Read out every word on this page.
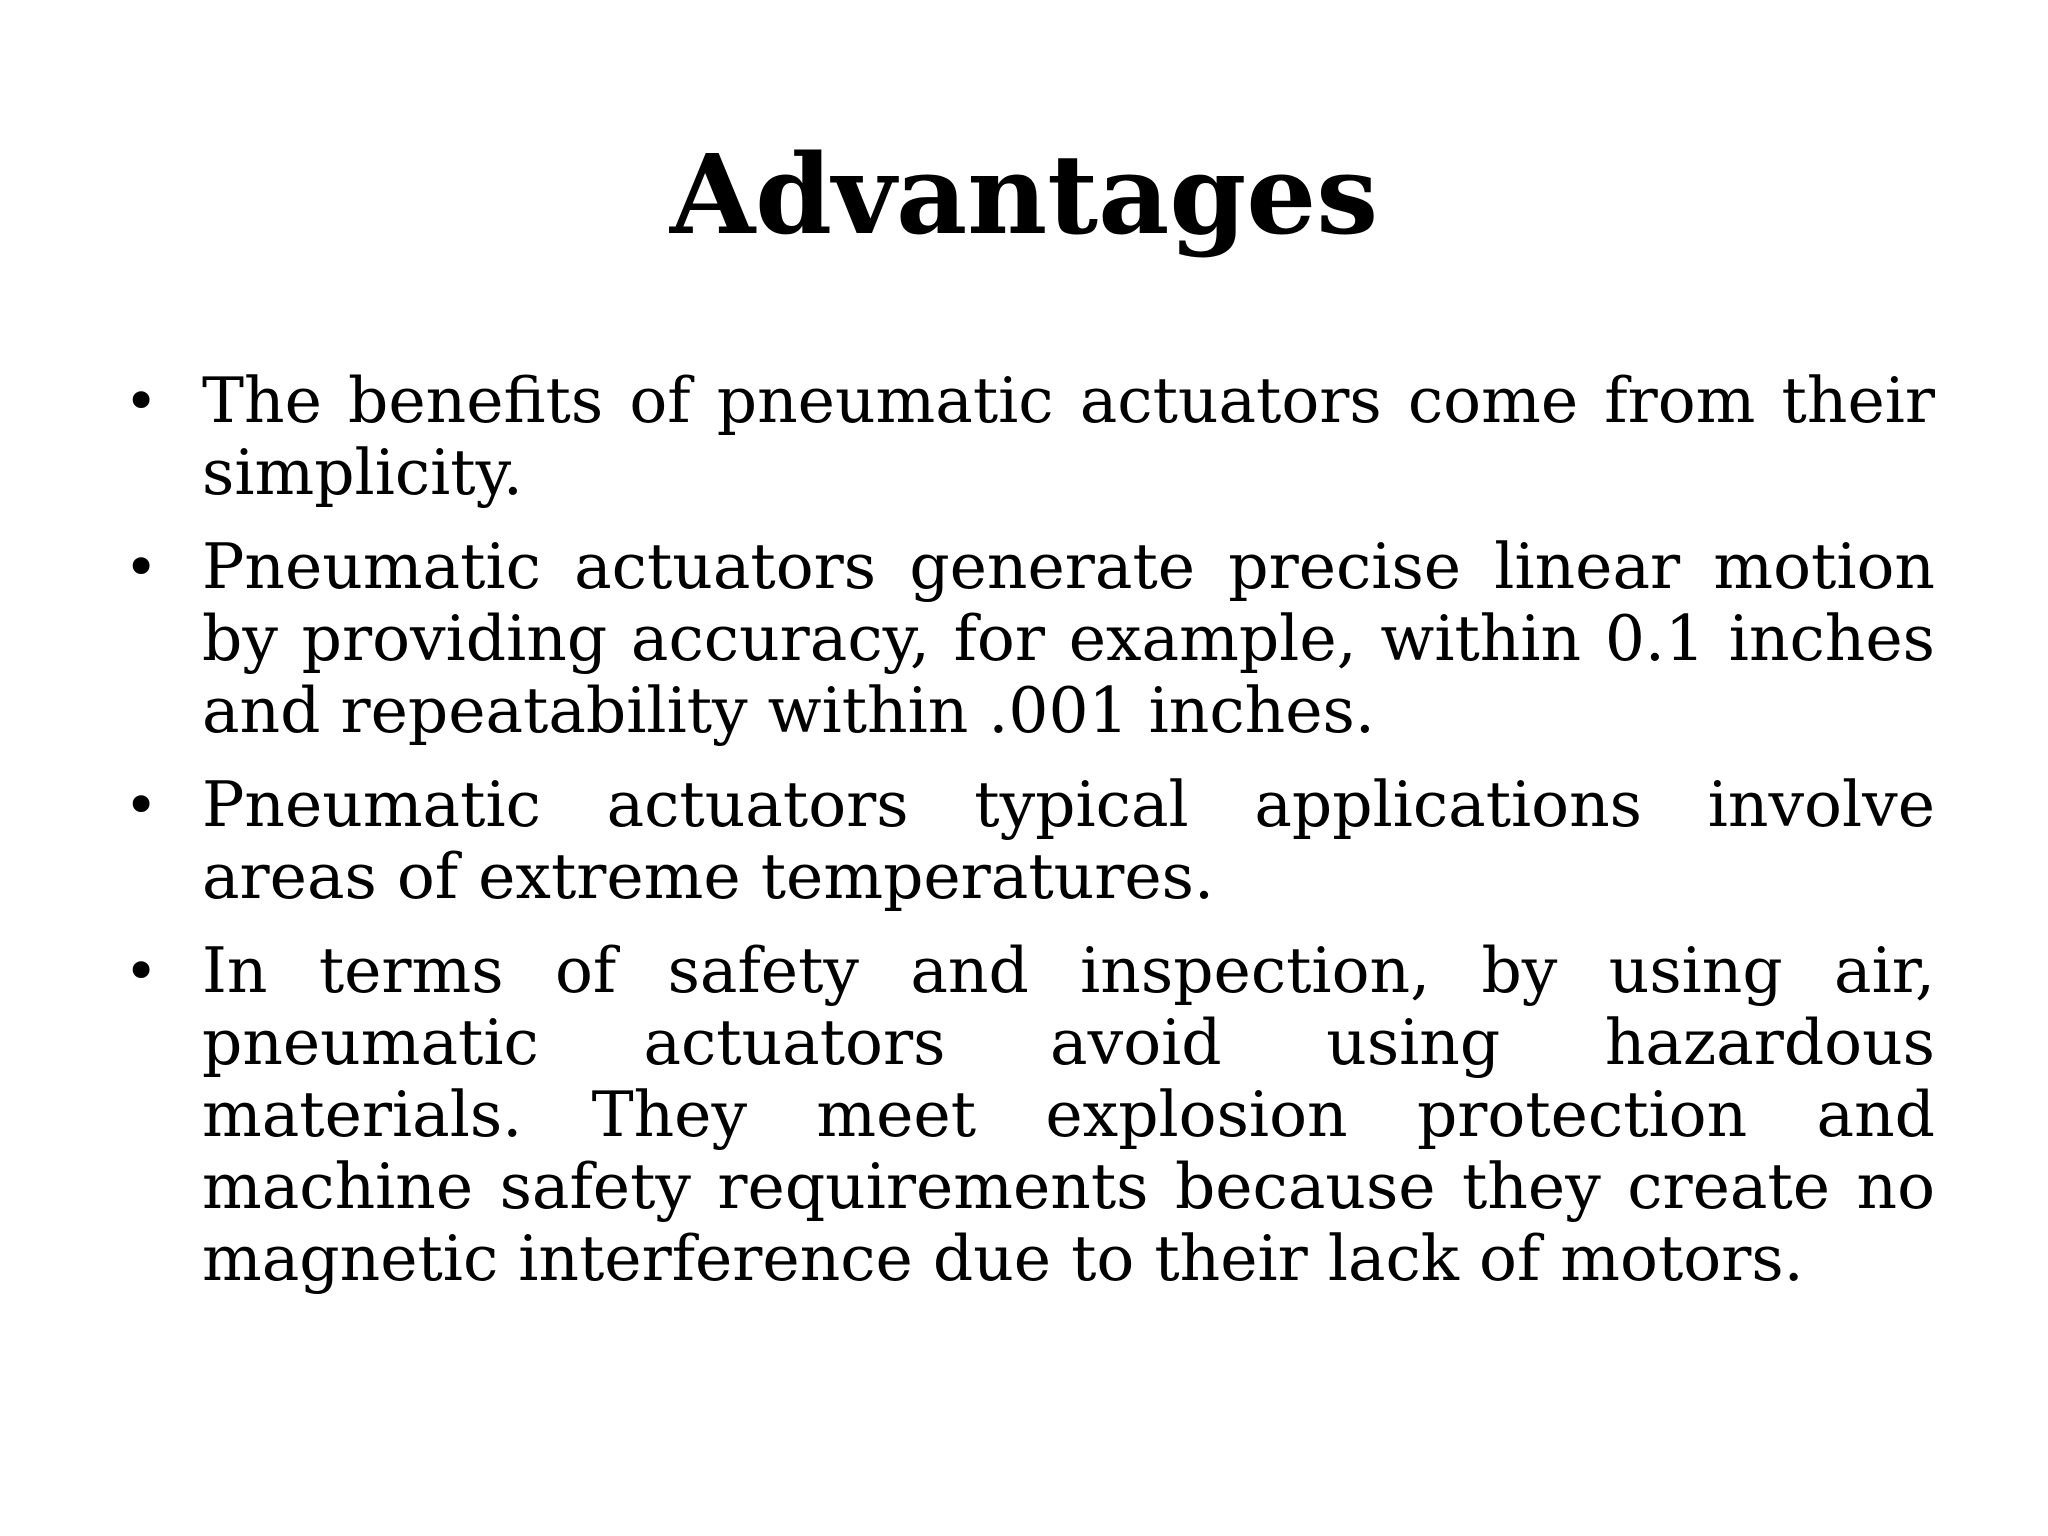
Advantages
• The benefits of pneumatic actuators come from their simplicity.
• Pneumatic actuators generate precise linear motion by providing accuracy, for example, within 0.1 inches and repeatability within .001 inches.
• Pneumatic actuators typical applications involve areas of extreme temperatures.
• In terms of safety and inspection, by using air, pneumatic actuators avoid using hazardous materials. They meet explosion protection and machine safety requirements because they create no magnetic interference due to their lack of motors.
